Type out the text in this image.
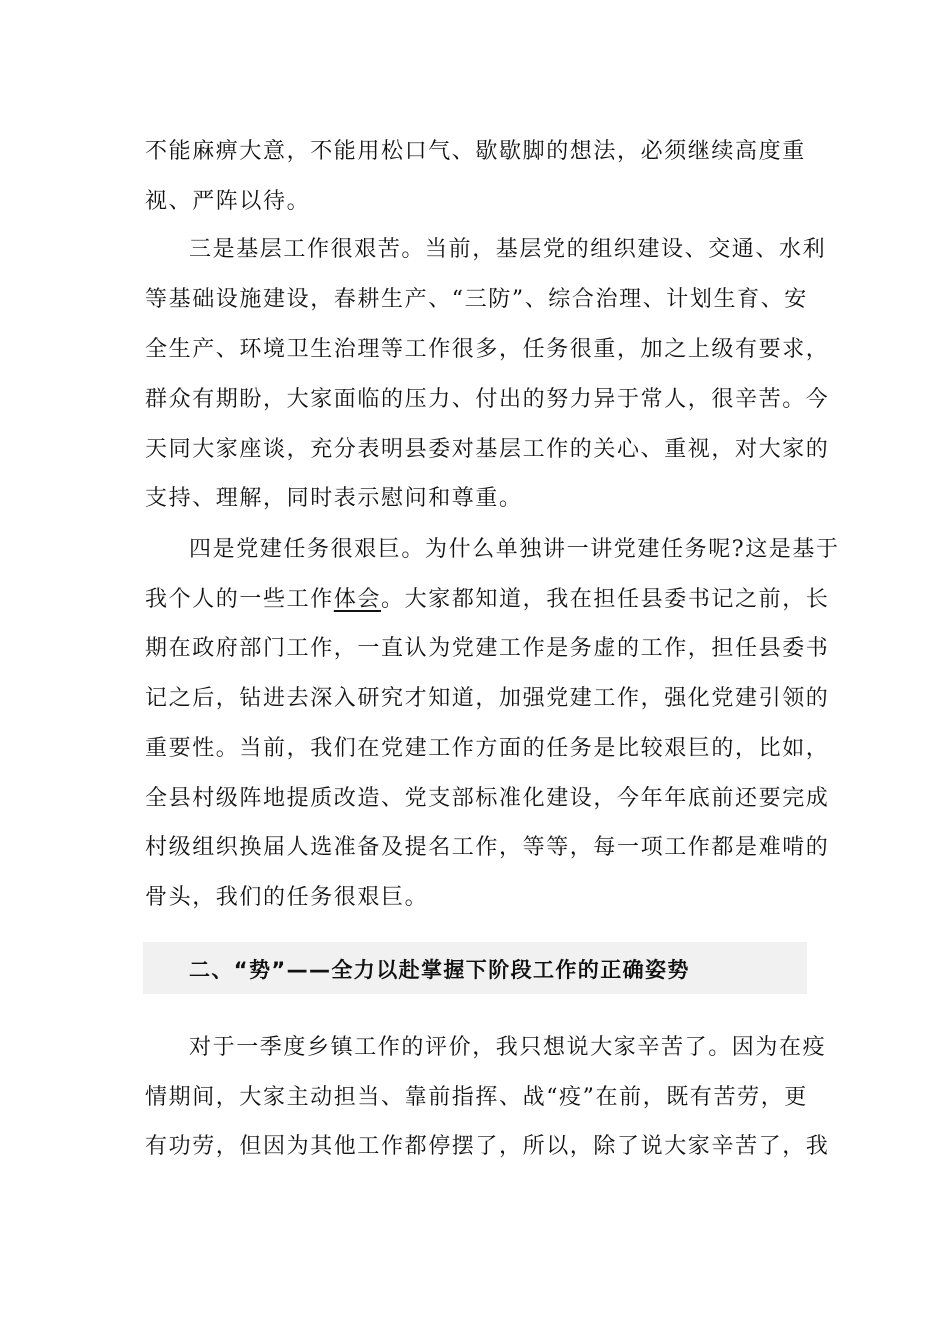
不能麻痹大意，不能用松口气、歇歇脚的想法，必须继续高度重
视、严阵以待。
三是基层工作很艰苦。当前，基层党的组织建设、交通、水利
等基础设施建设，春耕生产、“三防”、综合治理、计划生育、安
全生产、环境卫生治理等工作很多，任务很重，加之上级有要求，
群众有期盼，大家面临的压力、付出的努力异于常人，很辛苦。今
天同大家座谈，充分表明县委对基层工作的关心、重视，对大家的
支持、理解，同时表示慰问和尊重。
四是党建任务很艰巨。为什么单独讲一讲党建任务呢?这是基于
我个人的一些工作体会。大家都知道，我在担任县委书记之前，长
期在政府部门工作，一直认为党建工作是务虚的工作，担任县委书
记之后，钻进去深入研究才知道，加强党建工作，强化党建引领的
重要性。当前，我们在党建工作方面的任务是比较艰巨的，比如，
全县村级阵地提质改造、党支部标准化建设，今年年底前还要完成
村级组织换届人选准备及提名工作，等等，每一项工作都是难啃的
骨头，我们的任务很艰巨。
二、“势”——全力以赴掌握下阶段工作的正确姿势
对于一季度乡镇工作的评价，我只想说大家辛苦了。因为在疫
情期间，大家主动担当、靠前指挥、战“疫”在前，既有苦劳，更
有功劳，但因为其他工作都停摆了，所以，除了说大家辛苦了，我
